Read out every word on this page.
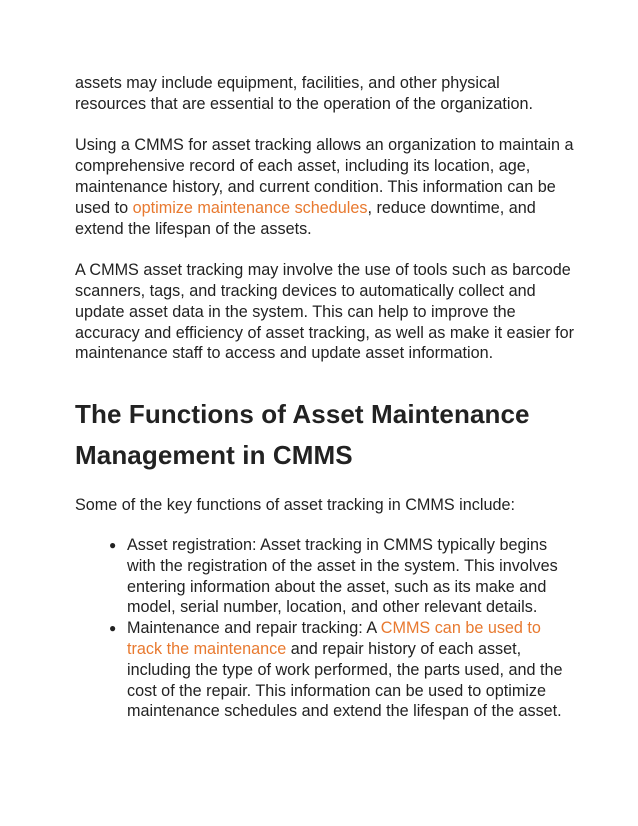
assets may include equipment, facilities, and other physical resources that are essential to the operation of the organization.

Using a CMMS for asset tracking allows an organization to maintain a comprehensive record of each asset, including its location, age, maintenance history, and current condition. This information can be used to optimize maintenance schedules, reduce downtime, and extend the lifespan of the assets.

A CMMS asset tracking may involve the use of tools such as barcode scanners, tags, and tracking devices to automatically collect and update asset data in the system. This can help to improve the accuracy and efficiency of asset tracking, as well as make it easier for maintenance staff to access and update asset information.

The Functions of Asset Maintenance Management in CMMS

Some of the key functions of asset tracking in CMMS include:

● Asset registration: Asset tracking in CMMS typically begins with the registration of the asset in the system. This involves entering information about the asset, such as its make and model, serial number, location, and other relevant details.
● Maintenance and repair tracking: A CMMS can be used to track the maintenance and repair history of each asset, including the type of work performed, the parts used, and the cost of the repair. This information can be used to optimize maintenance schedules and extend the lifespan of the asset.
